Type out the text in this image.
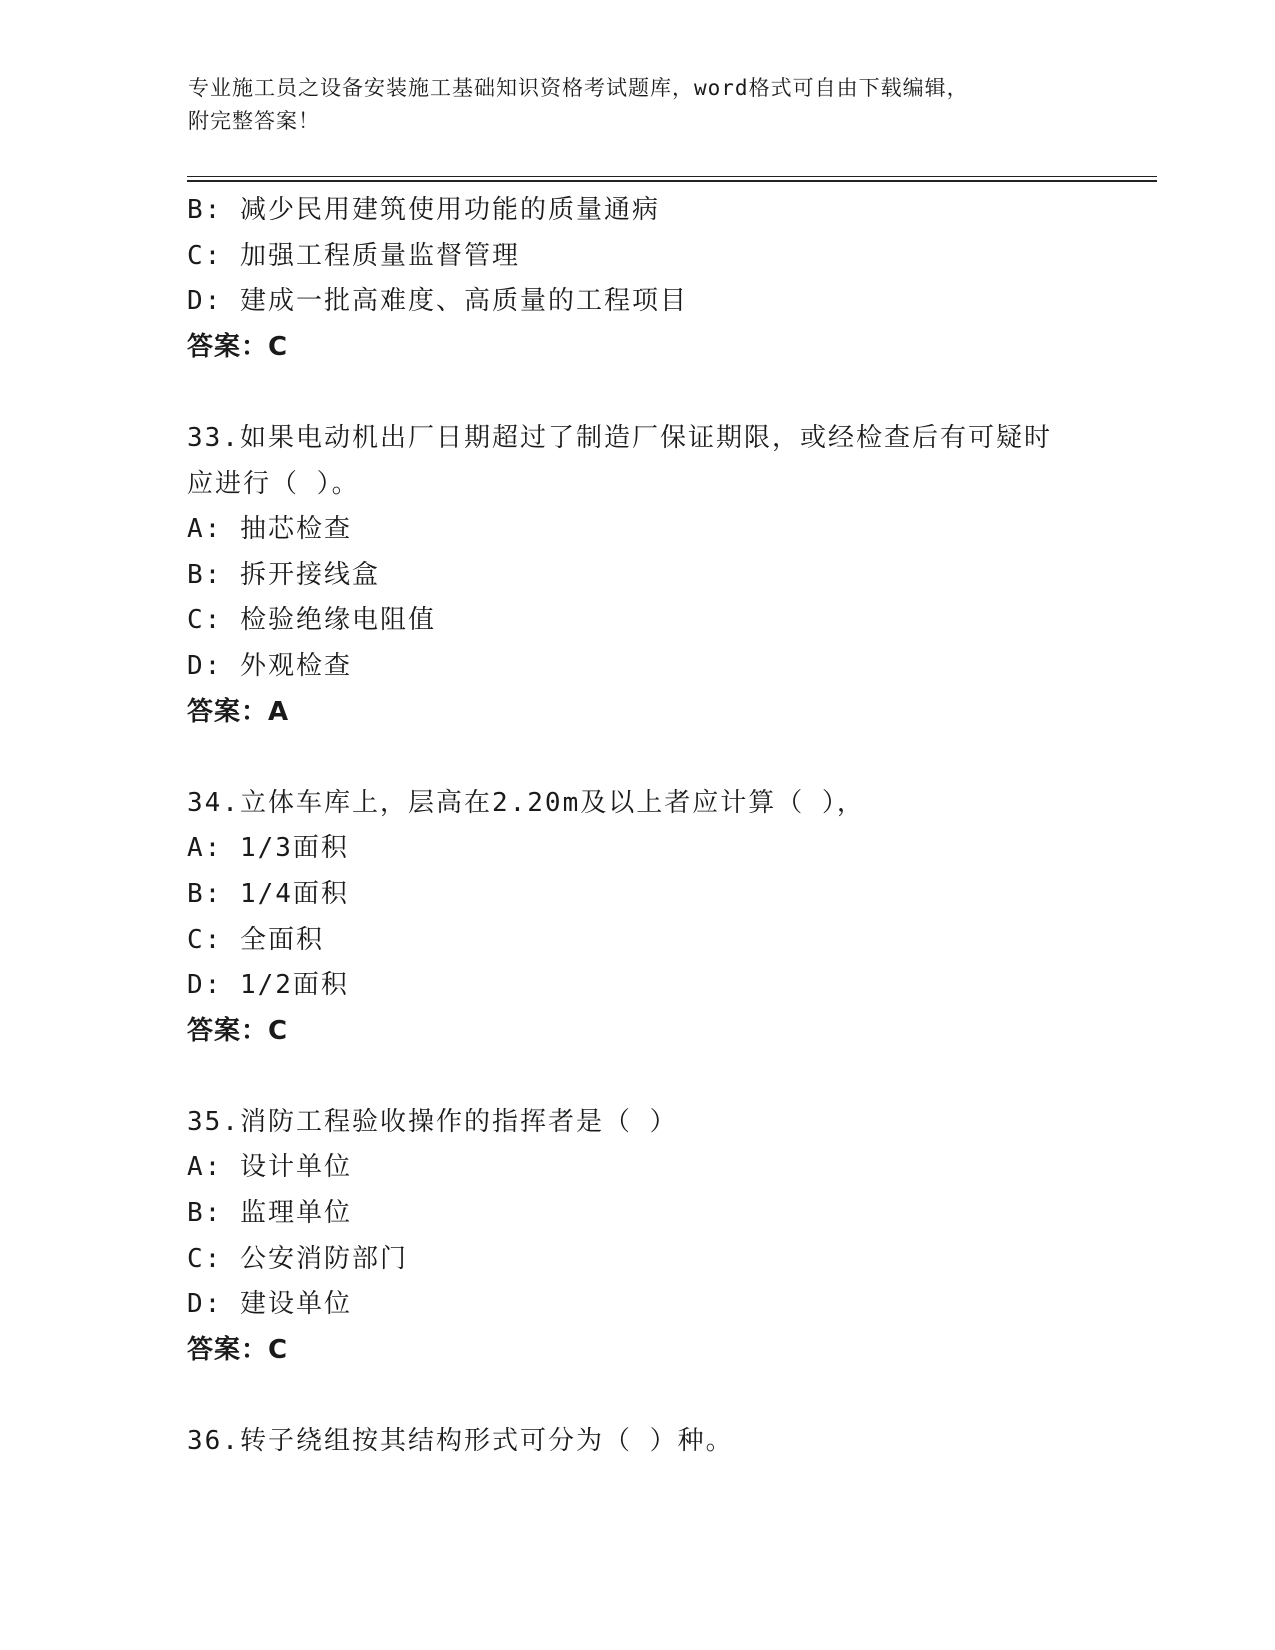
专业施工员之设备安装施工基础知识资格考试题库，word格式可自由下载编辑，
附完整答案！
B: 减少民用建筑使用功能的质量通病
C: 加强工程质量监督管理
D: 建成一批高难度、高质量的工程项目
答案：C
33.如果电动机出厂日期超过了制造厂保证期限，或经检查后有可疑时
应进行（ ）。
A: 抽芯检查
B: 拆开接线盒
C: 检验绝缘电阻值
D: 外观检查
答案：A
34.立体车库上，层高在2.20m及以上者应计算（ ），
A: 1/3面积
B: 1/4面积
C: 全面积
D: 1/2面积
答案：C
35.消防工程验收操作的指挥者是（ ）
A: 设计单位
B: 监理单位
C: 公安消防部门
D: 建设单位
答案：C
36.转子绕组按其结构形式可分为（ ）种。
